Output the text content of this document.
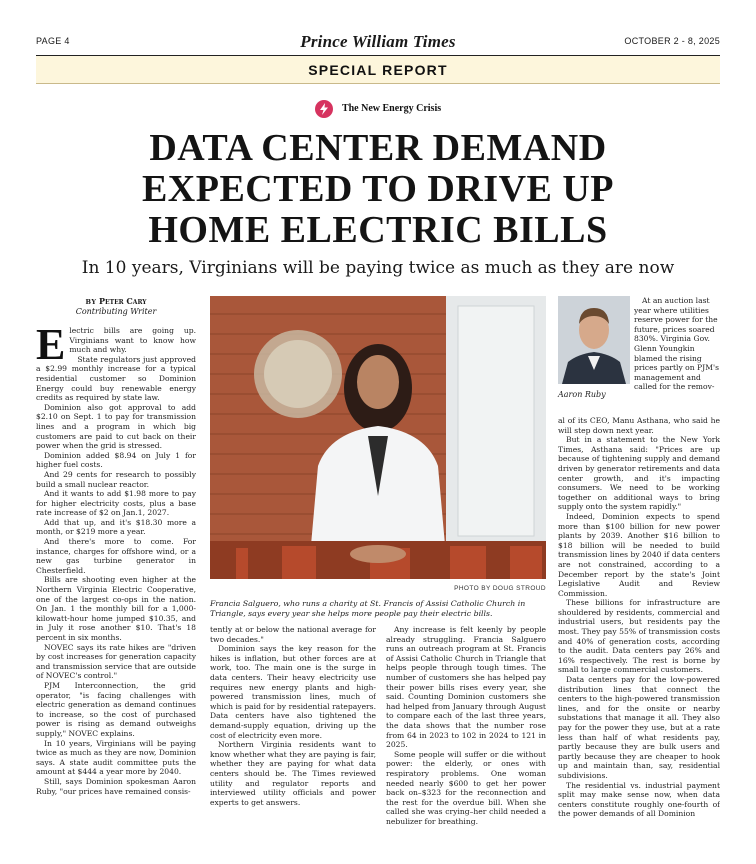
PAGE 4	Prince William Times	OCTOBER 2 - 8, 2025
SPECIAL REPORT
The New Energy Crisis
DATA CENTER DEMAND
EXPECTED TO DRIVE UP
HOME ELECTRIC BILLS
In 10 years, Virginians will be paying twice as much as they are now
BY Peter Cary
Contributing Writer

Electric bills are going up. Virginians want to know how much and why.

State regulators just approved a $2.99 monthly increase for a typical residential customer so Dominion Energy could buy renewable energy credits as required by state law.

Dominion also got approval to add $2.10 on Sept. 1 to pay for transmission lines and a program in which big customers are paid to cut back on their power when the grid is stressed.

Dominion added $8.94 on July 1 for higher fuel costs.

And 29 cents for research to possibly build a small nuclear reactor.

And it wants to add $1.98 more to pay for higher electricity costs, plus a base rate increase of $2 on Jan.1, 2027.

Add that up, and it's $18.30 more a month, or $219 more a year.

And there's more to come. For instance, charges for offshore wind, or a new gas turbine generator in Chesterfield.

Bills are shooting even higher at the Northern Virginia Electric Cooperative, one of the largest co-ops in the nation. On Jan. 1 the monthly bill for a 1,000-kilowatt-hour home jumped $10.35, and in July it rose another $10. That's 18 percent in six months.

NOVEC says its rate hikes are "driven by cost increases for generation capacity and transmission service that are outside of NOVEC's control."

PJM Interconnection, the grid operator, "is facing challenges with electric generation as demand continues to increase, so the cost of purchased power is rising as demand outweighs supply," NOVEC explains.

In 10 years, Virginians will be paying twice as much as they are now, Dominion says. A state audit committee puts the amount at $444 a year more by 2040.

Still, says Dominion spokesman Aaron Ruby, "our prices have remained consis-

PHOTO BY DOUG STROUD
Francia Salguero, who runs a charity at St. Francis of Assisi Catholic Church in Triangle, says every year she helps more people pay their electric bills.

tently at or below the national average for two decades."

Dominion says the key reason for the hikes is inflation, but other forces are at work, too. The main one is the surge in data centers. Their heavy electricity use requires new energy plants and high-powered transmission lines, much of which is paid for by residential ratepayers. Data centers have also tightened the demand-supply equation, driving up the cost of electricity even more.

Northern Virginia residents want to know whether what they are paying is fair, whether they are paying for what data centers should be. The Times reviewed utility and regulator reports and interviewed utility officials and power experts to get answers.

Any increase is felt keenly by people already struggling. Francia Salguero runs an outreach program at St. Francis of Assisi Catholic Church in Triangle that helps people through tough times. The number of customers she has helped pay their power bills rises every year, she said. Counting Dominion customers she had helped from January through August to compare each of the last three years, the data shows that the number rose from 64 in 2023 to 102 in 2024 to 121 in 2025.

Some people will suffer or die without power: the elderly, or ones with respiratory problems. One woman needed nearly $600 to get her power back on–$323 for the reconnection and the rest for the overdue bill. When she called she was crying–her child needed a nebulizer for breathing.

Aaron Ruby

At an auction last year where utilities reserve power for the future, prices soared 830%. Virginia Gov. Glenn Youngkin blamed the rising prices partly on PJM's management and called for the remov-

al of its CEO, Manu Asthana, who said he will step down next year.

But in a statement to the New York Times, Asthana said: "Prices are up because of tightening supply and demand driven by generator retirements and data center growth, and it's impacting consumers. We need to be working together on additional ways to bring supply onto the system rapidly."

Indeed, Dominion expects to spend more than $100 billion for new power plants by 2039. Another $16 billion to $18 billion will be needed to build transmission lines by 2040 if data centers are not constrained, according to a December report by the state's Joint Legislative Audit and Review Commission.

These billions for infrastructure are shouldered by residents, commercial and industrial users, but residents pay the most. They pay 55% of transmission costs and 40% of generation costs, according to the audit. Data centers pay 26% and 16% respectively. The rest is borne by small to large commercial customers.

Data centers pay for the low-powered distribution lines that connect the centers to the high-powered transmission lines, and for the onsite or nearby substations that manage it all. They also pay for the power they use, but at a rate less than half of what residents pay, partly because they are bulk users and partly because they are cheaper to hook up and maintain than, say, residential subdivisions.

The residential vs. industrial payment split may make sense now, when data centers constitute roughly one-fourth of the power demands of all Dominion
